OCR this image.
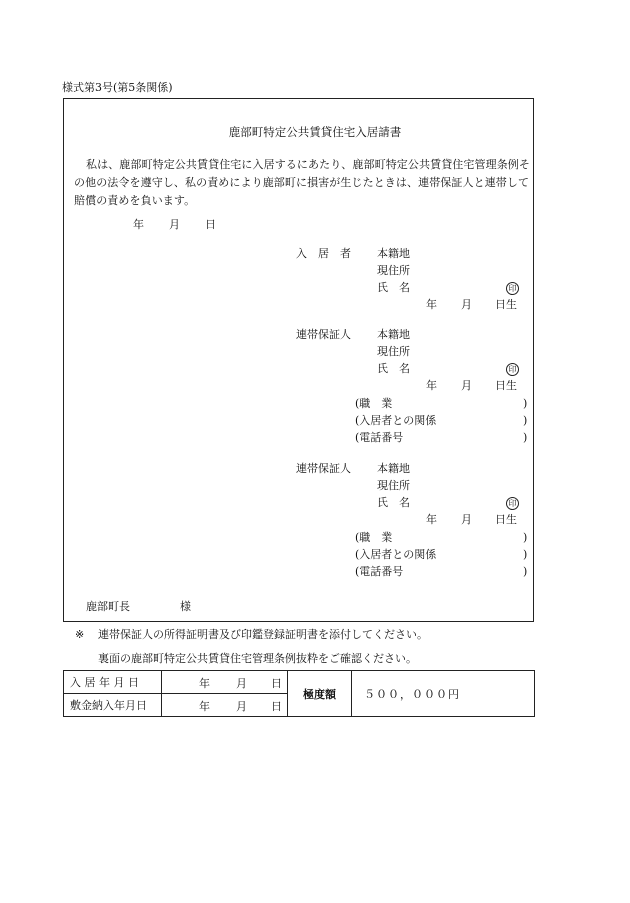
様式第3号(第5条関係)
鹿部町特定公共賃貸住宅入居請書
私は、鹿部町特定公共賃貸住宅に入居するにあたり、鹿部町特定公共賃貸住宅管理条例その他の法令を遵守し、私の責めにより鹿部町に損害が生じたときは、連帯保証人と連帯して賠償の責めを負います。
年 月 日
入　居　者 本籍地
現住所
氏　名	印
年 月 日生
連帯保証人 本籍地
現住所
氏　名	印
年 月 日生
(職　業	)
(入居者との関係	)
(電話番号	)
連帯保証人 本籍地
現住所
氏　名	印
年 月 日生
(職　業	)
(入居者との関係	)
(電話番号	)
鹿部町長	様
※ 連帯保証人の所得証明書及び印鑑登録証明書を添付してください。
裏面の鹿部町特定公共賃貸住宅管理条例抜粋をご確認ください。
入 居 年 月 日	年 月 日	極度額	５００，０００円
敷金納入年月日	年 月 日		
